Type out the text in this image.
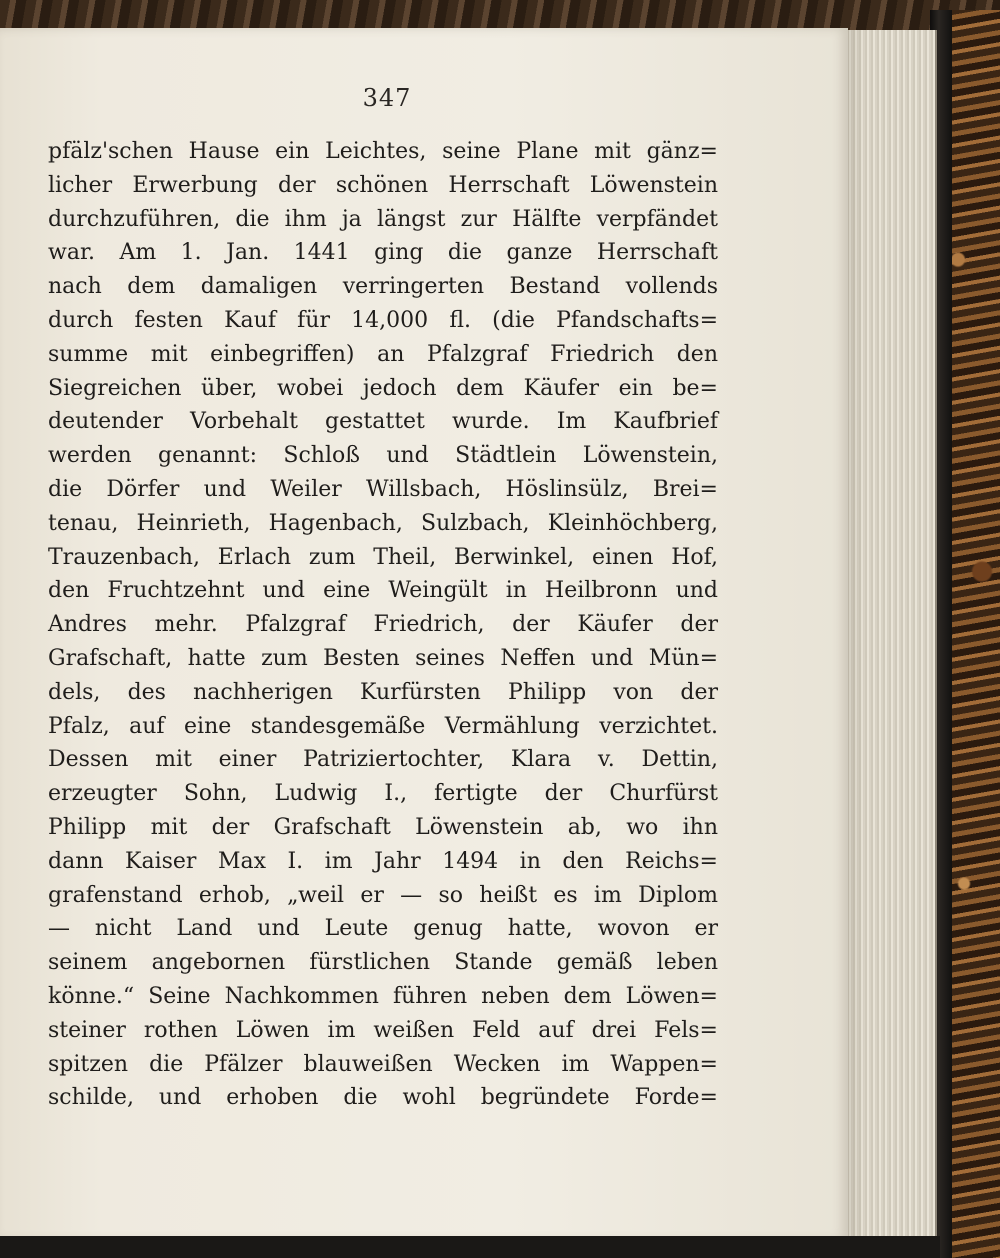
347
pfälz'schen Hause ein Leichtes, seine Plane mit gänz=
licher Erwerbung der schönen Herrschaft Löwenstein
durchzuführen, die ihm ja längst zur Hälfte verpfändet
war. Am 1. Jan. 1441 ging die ganze Herrschaft
nach dem damaligen verringerten Bestand vollends
durch festen Kauf für 14,000 fl. (die Pfandschafts=
summe mit einbegriffen) an Pfalzgraf Friedrich den
Siegreichen über, wobei jedoch dem Käufer ein be=
deutender Vorbehalt gestattet wurde. Im Kaufbrief
werden genannt: Schloß und Städtlein Löwenstein,
die Dörfer und Weiler Willsbach, Höslinsülz, Brei=
tenau, Heinrieth, Hagenbach, Sulzbach, Kleinhöchberg,
Trauzenbach, Erlach zum Theil, Berwinkel, einen Hof,
den Fruchtzehnt und eine Weingült in Heilbronn und
Andres mehr. Pfalzgraf Friedrich, der Käufer der
Grafschaft, hatte zum Besten seines Neffen und Mün=
dels, des nachherigen Kurfürsten Philipp von der
Pfalz, auf eine standesgemäße Vermählung verzichtet.
Dessen mit einer Patriziertochter, Klara v. Dettin,
erzeugter Sohn, Ludwig I., fertigte der Churfürst
Philipp mit der Grafschaft Löwenstein ab, wo ihn
dann Kaiser Max I. im Jahr 1494 in den Reichs=
grafenstand erhob, „weil er — so heißt es im Diplom
— nicht Land und Leute genug hatte, wovon er
seinem angebornen fürstlichen Stande gemäß leben
könne.“ Seine Nachkommen führen neben dem Löwen=
steiner rothen Löwen im weißen Feld auf drei Fels=
spitzen die Pfälzer blauweißen Wecken im Wappen=
schilde, und erhoben die wohl begründete Forde=
